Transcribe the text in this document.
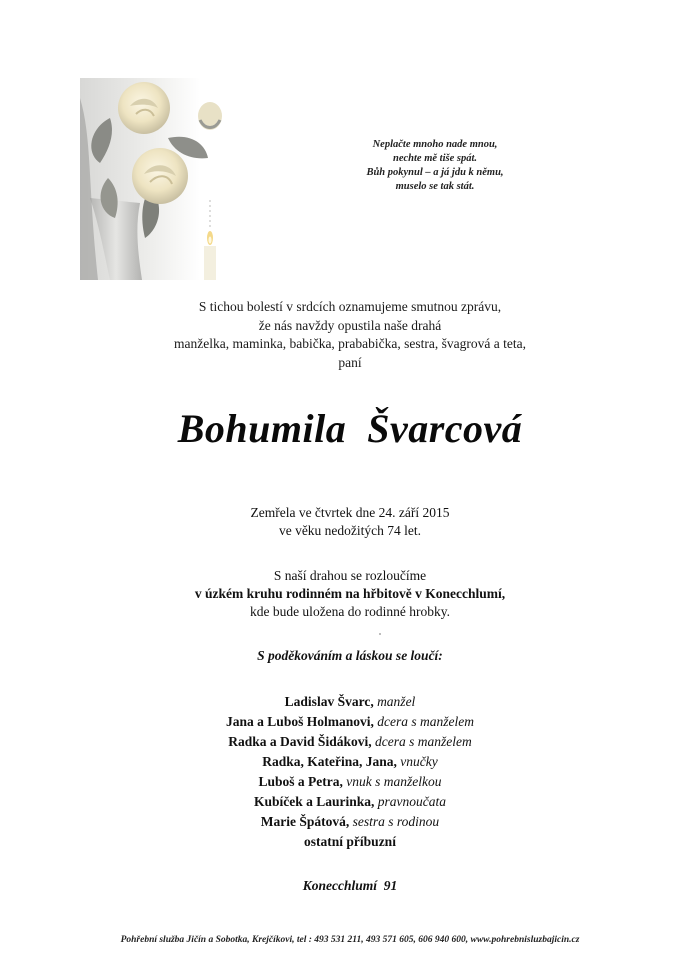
Neplačte mnoho nade mnou,
nechte mě tiše spát.
Bůh pokynul – a já jdu k němu,
muselo se tak stát.
S tichou bolestí v srdcích oznamujeme smutnou zprávu,
že nás navždy opustila naše drahá
manželka, maminka, babička, prababička, sestra, švagrová a teta,
paní
Bohumila  Švarcová
Zemřela ve čtvrtek dne 24. září 2015
ve věku nedožitých 74 let.
S naší drahou se rozloučíme
v úzkém kruhu rodinném na hřbitově v Konecchlumí,
kde bude uložena do rodinné hrobky.
S poděkováním a láskou se loučí:
Ladislav Švarc, manžel
Jana a Luboš Holmanovi, dcera s manželem
Radka a David Šidákovi, dcera s manželem
Radka, Kateřina, Jana, vnučky
Luboš a Petra, vnuk s manželkou
Kubíček a Laurinka, pravnoučata
Marie Špátová, sestra s rodinou
ostatní příbuzní
Konecchlumí  91
Pohřební služba Jičín a Sobotka, Krejčíkovi, tel : 493 531 211, 493 571 605, 606 940 600, www.pohrebnisluzbajicin.cz
